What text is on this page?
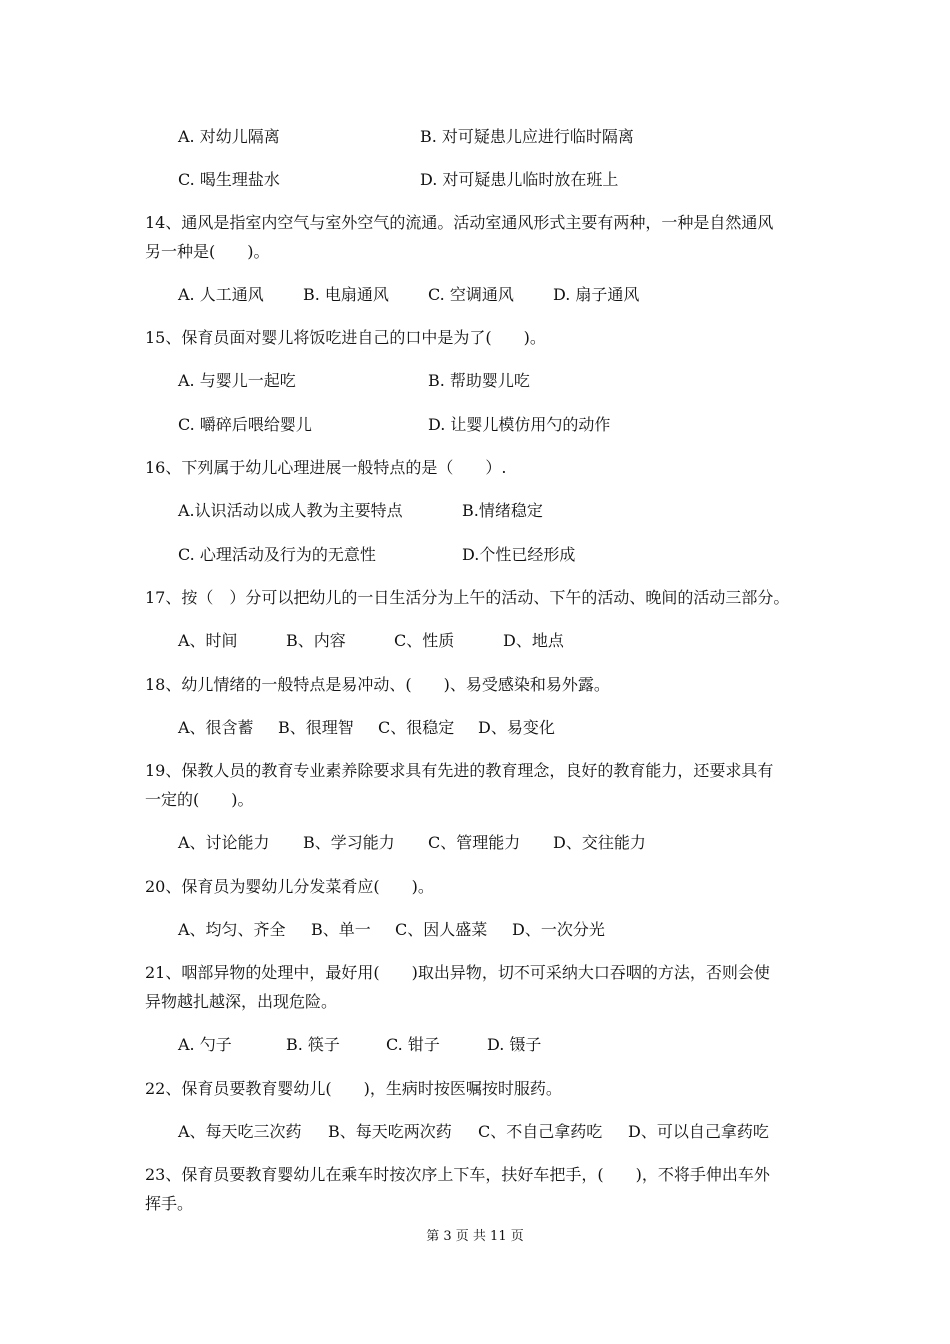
A. 对幼儿隔离	B. 对可疑患儿应进行临时隔离
C. 喝生理盐水	D. 对可疑患儿临时放在班上
14、通风是指室内空气与室外空气的流通。活动室通风形式主要有两种，一种是自然通风
另一种是(　　)。
A. 人工通风 B. 电扇通风 C. 空调通风 D. 扇子通风
15、保育员面对婴儿将饭吃进自己的口中是为了(　　)。
A. 与婴儿一起吃	B. 帮助婴儿吃
C. 嚼碎后喂给婴儿	D. 让婴儿模仿用勺的动作
16、下列属于幼儿心理进展一般特点的是（　　）.
A.认识活动以成人教为主要特点	B.情绪稳定
C. 心理活动及行为的无意性	D.个性已经形成
17、按（　）分可以把幼儿的一日生活分为上午的活动、下午的活动、晚间的活动三部分。
A、时间	B、内容	C、性质	D、地点
18、幼儿情绪的一般特点是易冲动、(　　)、易受感染和易外露。
A、很含蓄 B、很理智 C、很稳定 D、易变化
19、保教人员的教育专业素养除要求具有先进的教育理念，良好的教育能力，还要求具有
一定的(　　)。
A、讨论能力 B、学习能力 C、管理能力 D、交往能力
20、保育员为婴幼儿分发菜肴应(　　)。
A、均匀、齐全 B、单一 C、因人盛菜 D、一次分光
21、咽部异物的处理中，最好用(　　)取出异物，切不可采纳大口吞咽的方法，否则会使
异物越扎越深，出现危险。
A. 勺子	B. 筷子	C. 钳子	D. 镊子
22、保育员要教育婴幼儿(　　)，生病时按医嘱按时服药。
A、每天吃三次药 B、每天吃两次药 C、不自己拿药吃 D、可以自己拿药吃
23、保育员要教育婴幼儿在乘车时按次序上下车，扶好车把手，(　　)，不将手伸出车外
挥手。
第 3 页 共 11 页
